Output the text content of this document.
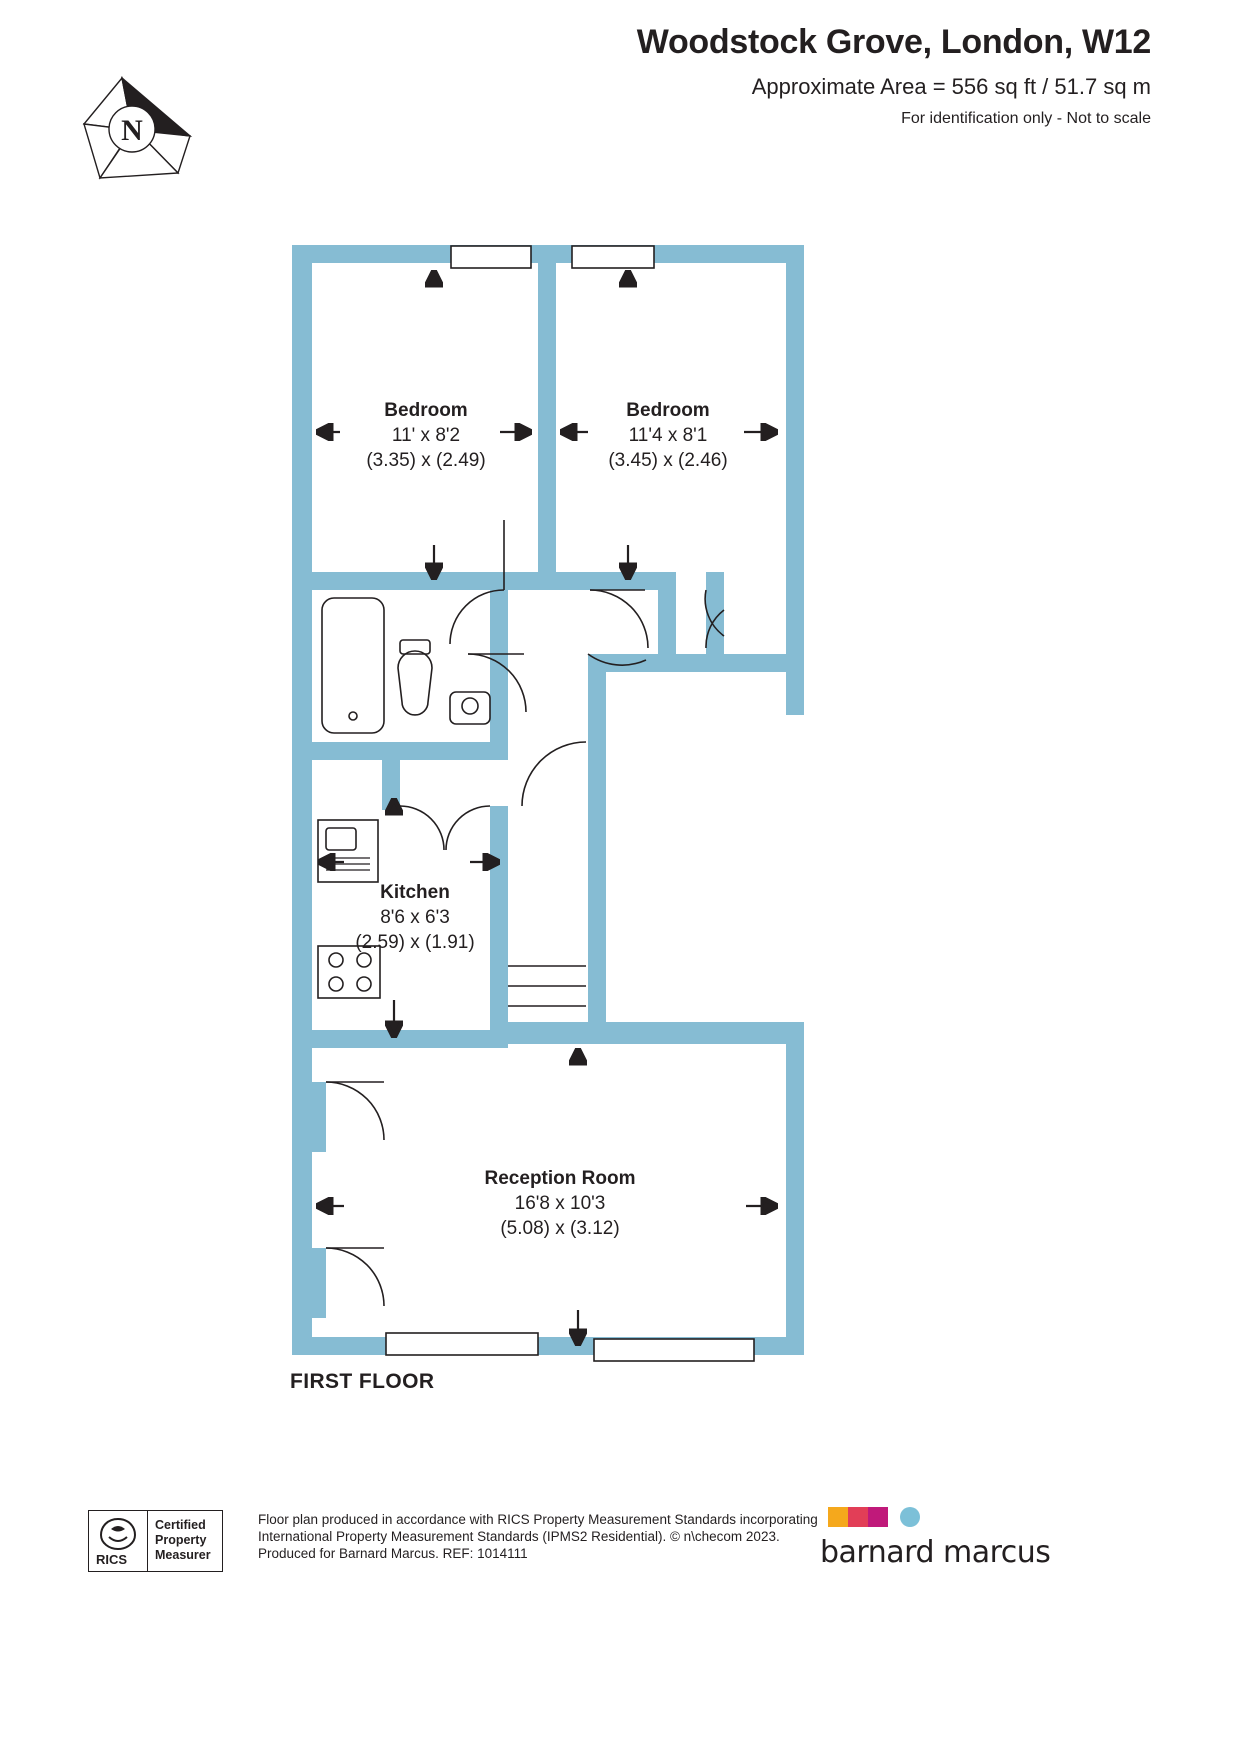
Woodstock Grove, London, W12
Approximate Area = 556 sq ft / 51.7 sq m
For identification only - Not to scale
N
Bedroom
11' x 8'2
(3.35) x (2.49)
Bedroom
11'4 x 8'1
(3.45) x (2.46)
Kitchen
8'6 x 6'3
(2.59) x (1.91)
Reception Room
16'8 x 10'3
(5.08) x (3.12)
FIRST FLOOR
RICS
Certified
Property
Measurer
Floor plan produced in accordance with RICS Property Measurement Standards incorporating
International Property Measurement Standards (IPMS2 Residential). © n\checom 2023.
Produced for Barnard Marcus. REF: 1014111	barnard marcus
